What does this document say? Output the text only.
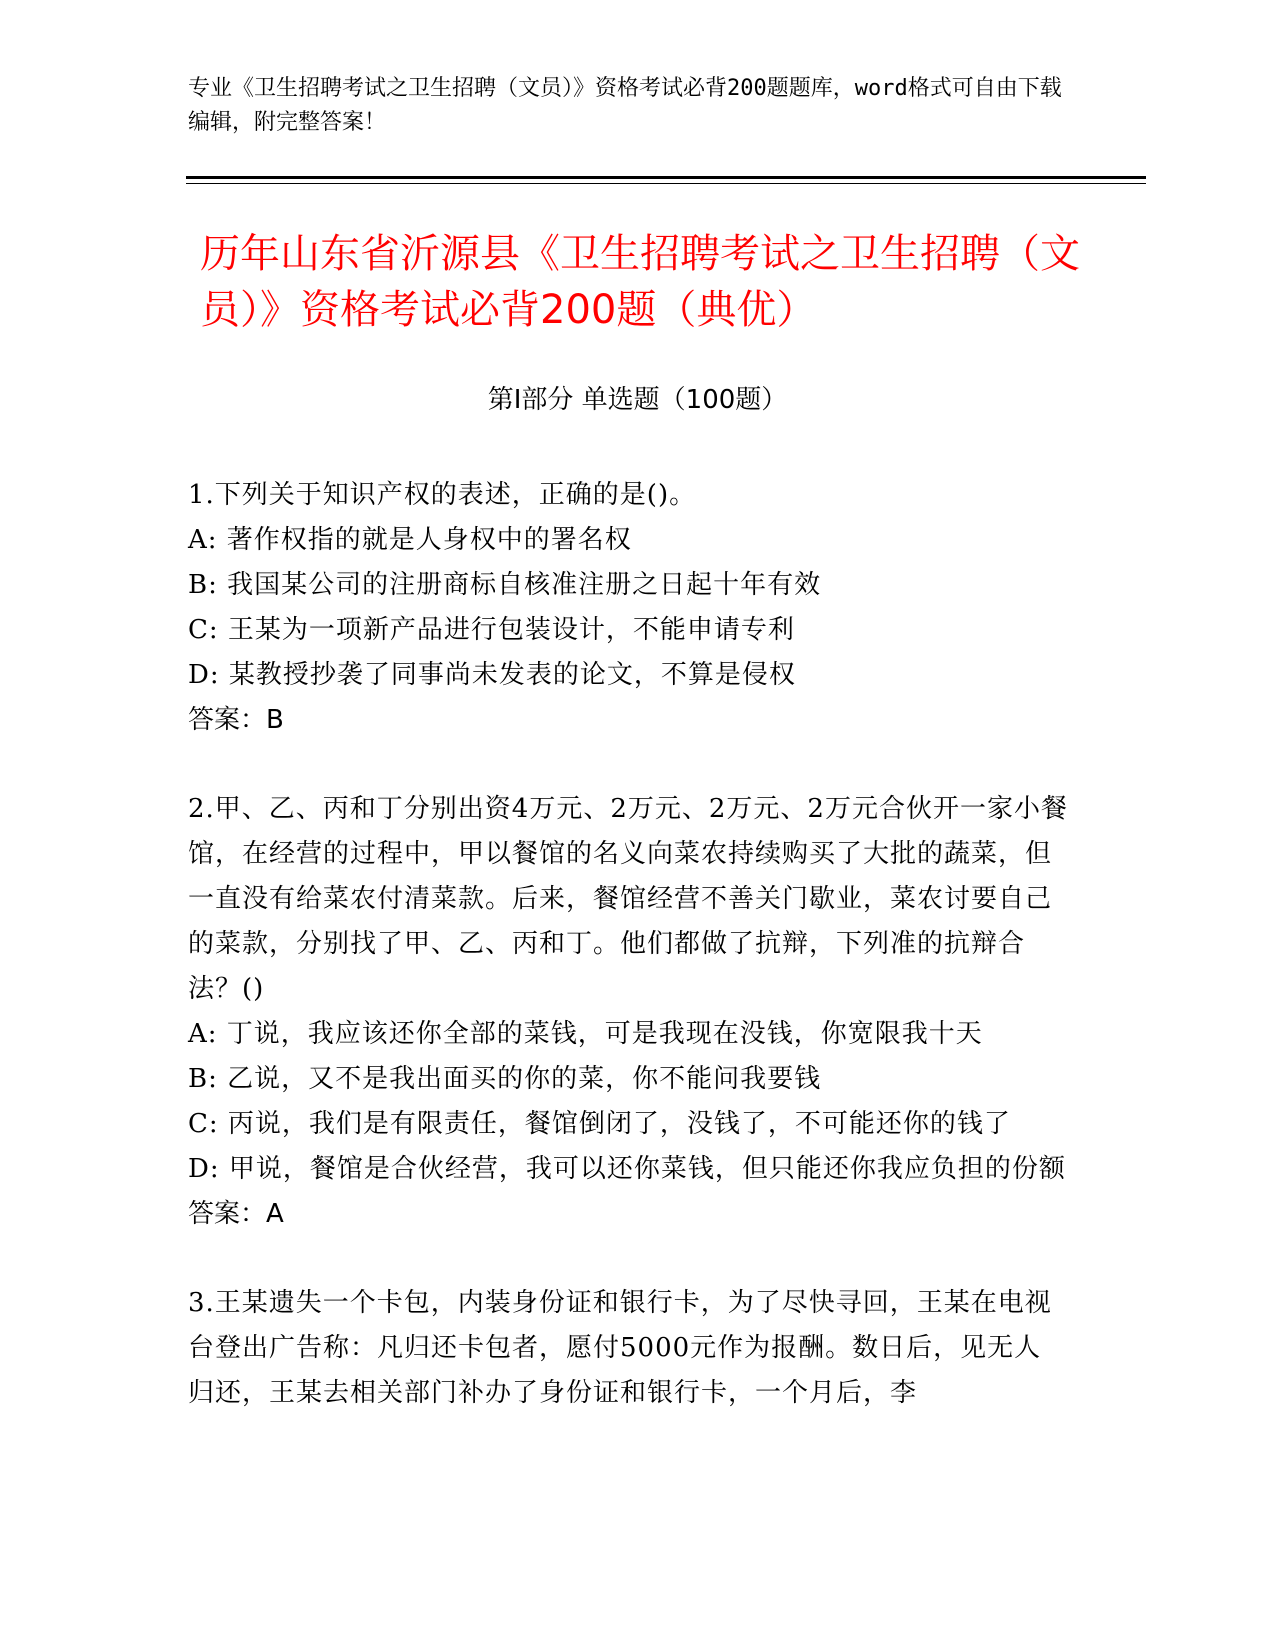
专业《卫生招聘考试之卫生招聘（文员）》资格考试必背200题题库，word格式可自由下载编辑，附完整答案！
历年山东省沂源县《卫生招聘考试之卫生招聘（文员）》资格考试必背200题（典优）
第I部分 单选题（100题）

1.下列关于知识产权的表述，正确的是()。

A: 著作权指的就是人身权中的署名权

B: 我国某公司的注册商标自核准注册之日起十年有效

C: 王某为一项新产品进行包装设计，不能申请专利

D: 某教授抄袭了同事尚未发表的论文，不算是侵权

答案：B

2.甲、乙、丙和丁分别出资4万元、2万元、2万元、2万元合伙开一家小餐馆，在经营的过程中，甲以餐馆的名义向菜农持续购买了大批的蔬菜，但一直没有给菜农付清菜款。后来，餐馆经营不善关门歇业，菜农讨要自己的菜款，分别找了甲、乙、丙和丁。他们都做了抗辩，下列准的抗辩合法？()

A: 丁说，我应该还你全部的菜钱，可是我现在没钱，你宽限我十天

B: 乙说，又不是我出面买的你的菜，你不能问我要钱

C: 丙说，我们是有限责任，餐馆倒闭了，没钱了，不可能还你的钱了

D: 甲说，餐馆是合伙经营，我可以还你菜钱，但只能还你我应负担的份额

答案：A

3.王某遗失一个卡包，内装身份证和银行卡，为了尽快寻回，王某在电视台登出广告称：凡归还卡包者，愿付5000元作为报酬。数日后，见无人归还，王某去相关部门补办了身份证和银行卡，一个月后，李
